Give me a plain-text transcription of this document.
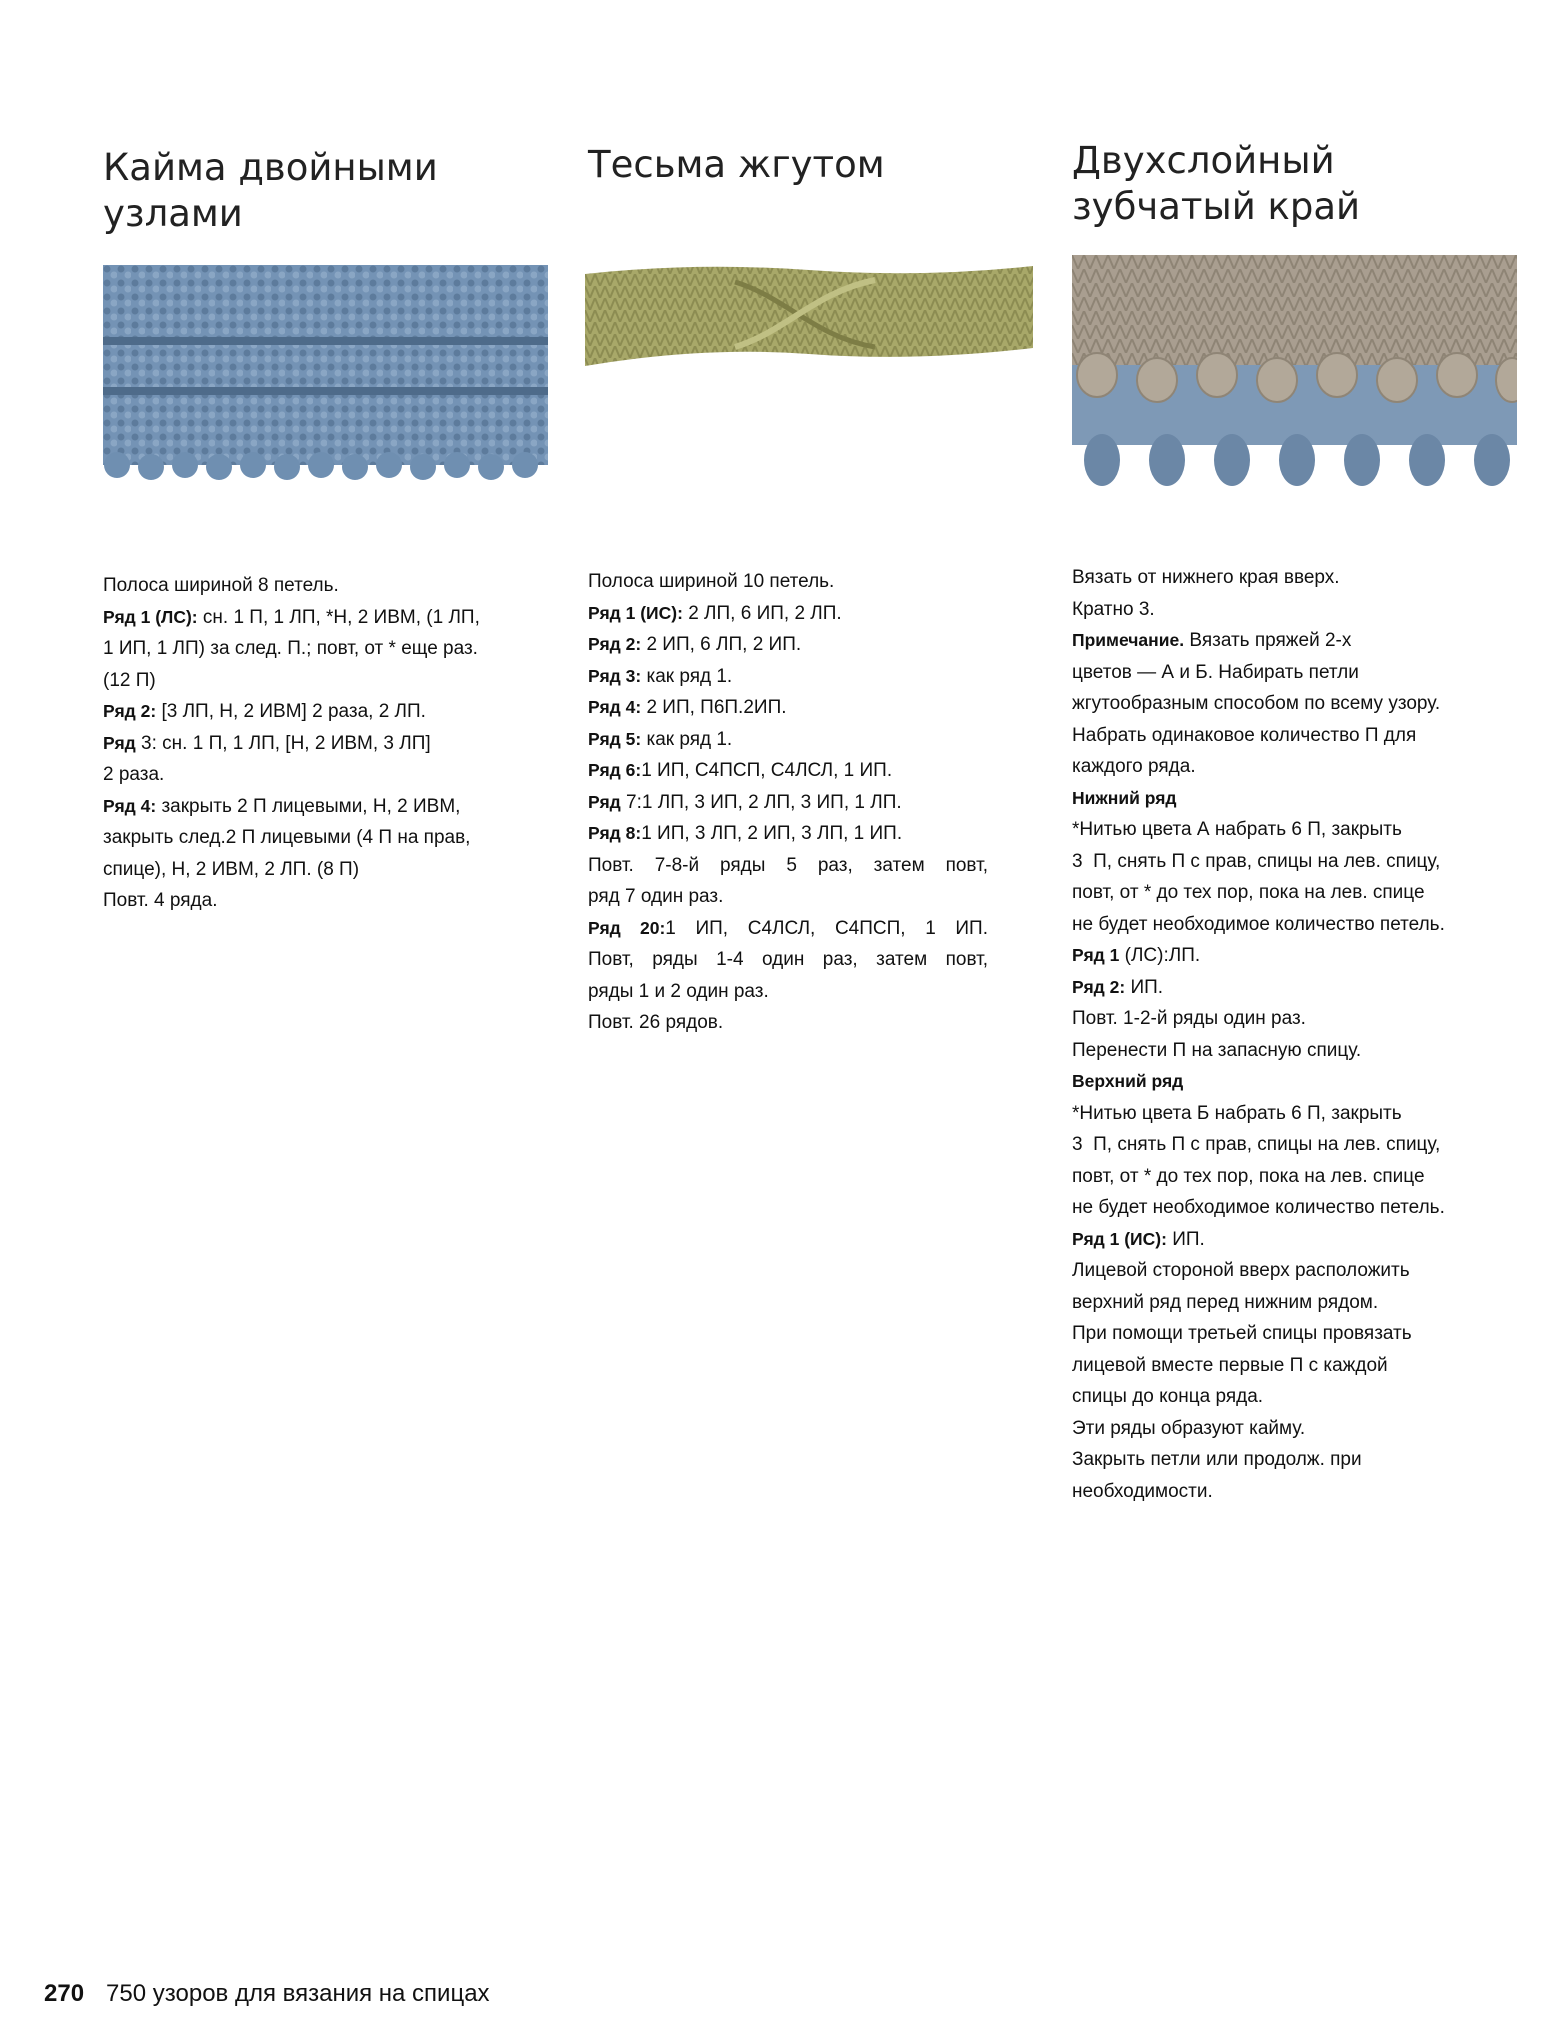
Кайма двойными
узлами
Полоса шириной 8 петель.
Ряд 1 (ЛС): сн. 1 П, 1 ЛП, *Н, 2 ИВМ, (1 ЛП,
1 ИП, 1 ЛП) за след. П.; повт, от * еще раз.
(12 П)
Ряд 2: [3 ЛП, Н, 2 ИВМ] 2 раза, 2 ЛП.
Ряд 3: сн. 1 П, 1 ЛП, [Н, 2 ИВМ, 3 ЛП]
2 раза.
Ряд 4: закрыть 2 П лицевыми, Н, 2 ИВМ,
закрыть след.2 П лицевыми (4 П на прав,
спице), Н, 2 ИВМ, 2 ЛП. (8 П)
Повт. 4 ряда.
Тесьма жгутом
Полоса шириной 10 петель.
Ряд 1 (ИС): 2 ЛП, 6 ИП, 2 ЛП.
Ряд 2: 2 ИП, 6 ЛП, 2 ИП.
Ряд 3: как ряд 1.
Ряд 4: 2 ИП, П6П.2ИП.
Ряд 5: как ряд 1.
Ряд 6:1 ИП, С4ПСП, С4ЛСЛ, 1 ИП.
Ряд 7:1 ЛП, 3 ИП, 2 ЛП, 3 ИП, 1 ЛП.
Ряд 8:1 ИП, 3 ЛП, 2 ИП, 3 ЛП, 1 ИП.
Повт. 7-8-й ряды 5 раз, затем повт,
ряд 7 один раз.
Ряд 20:1 ИП, С4ЛСЛ, С4ПСП, 1 ИП.
Повт, ряды 1-4 один раз, затем повт,
ряды 1 и 2 один раз.
Повт. 26 рядов.
Двухслойный
зубчатый край
Вязать от нижнего края вверх.
Кратно 3.
Примечание. Вязать пряжей 2-х
цветов — А и Б. Набирать петли
жгутообразным способом по всему узору.
Набрать одинаковое количество П для
каждого ряда.
Нижний ряд
*Нитью цвета А набрать 6 П, закрыть
3  П, снять П с прав, спицы на лев. спицу,
повт, от * до тех пор, пока на лев. спице
не будет необходимое количество петель.
Ряд 1 (ЛС):ЛП.
Ряд 2: ИП.
Повт. 1-2-й ряды один раз.
Перенести П на запасную спицу.
Верхний ряд
*Нитью цвета Б набрать 6 П, закрыть
3  П, снять П с прав, спицы на лев. спицу,
повт, от * до тех пор, пока на лев. спице
не будет необходимое количество петель.
Ряд 1 (ИС): ИП.
Лицевой стороной вверх расположить
верхний ряд перед нижним рядом.
При помощи третьей спицы провязать
лицевой вместе первые П с каждой
спицы до конца ряда.
Эти ряды образуют кайму.
Закрыть петли или продолж. при
необходимости.
270 750 узоров для вязания на спицах
